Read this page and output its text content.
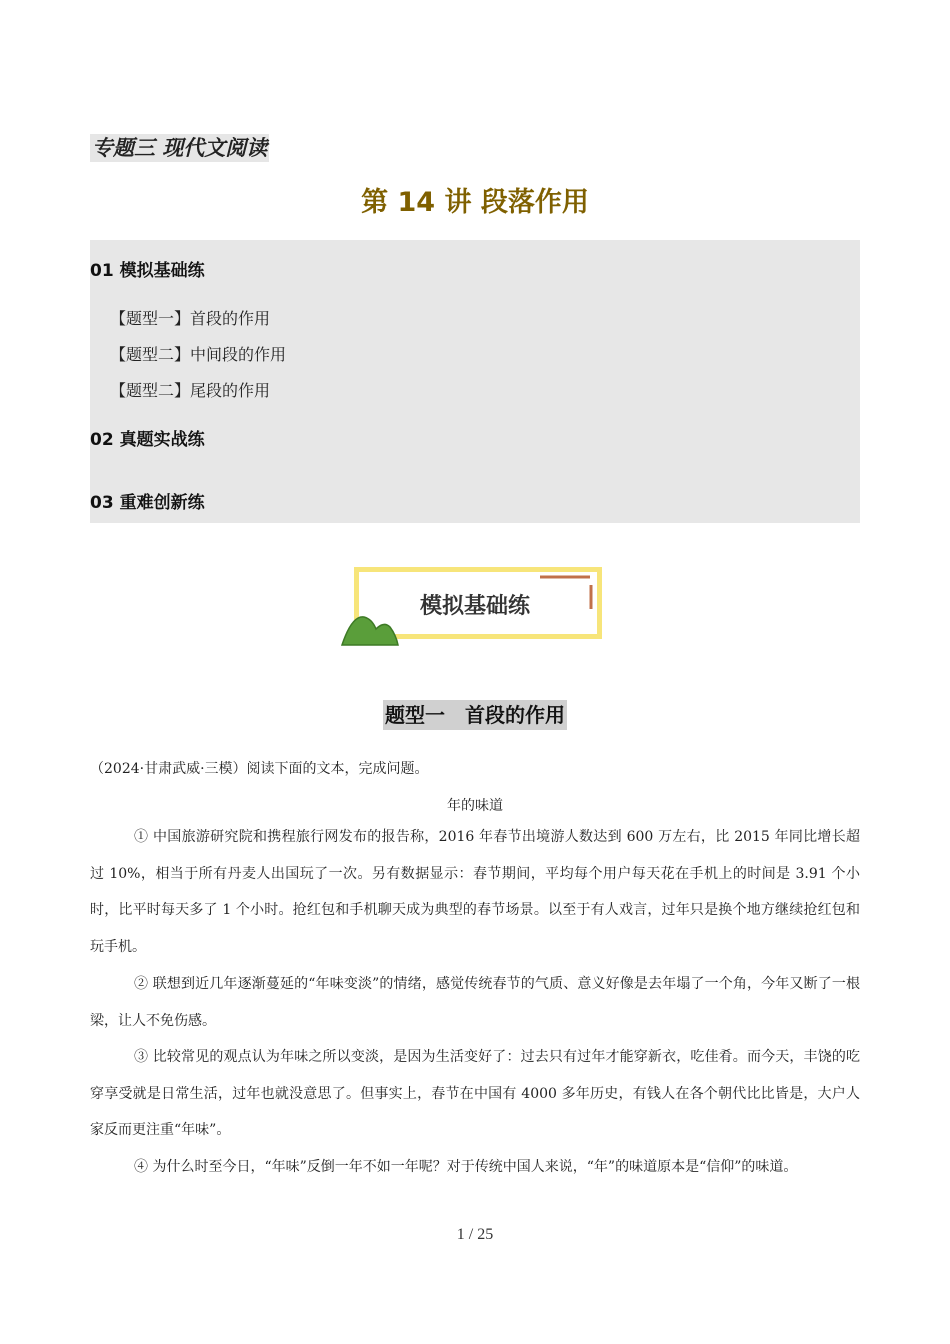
专题三 现代文阅读
第 14 讲 段落作用
01 模拟基础练
【题型一】首段的作用
【题型二】中间段的作用
【题型二】尾段的作用
02 真题实战练
03 重难创新练
模拟基础练
题型一　首段的作用
（2024·甘肃武威·三模）阅读下面的文本，完成问题。
年的味道

① 中国旅游研究院和携程旅行网发布的报告称，2016 年春节出境游人数达到 600 万左右，比 2015 年同比增长超过 10%，相当于所有丹麦人出国玩了一次。另有数据显示：春节期间，平均每个用户每天花在手机上的时间是 3.91 个小时，比平时每天多了 1 个小时。抢红包和手机聊天成为典型的春节场景。以至于有人戏言，过年只是换个地方继续抢红包和玩手机。

② 联想到近几年逐渐蔓延的“年味变淡”的情绪，感觉传统春节的气质、意义好像是去年塌了一个角，今年又断了一根梁，让人不免伤感。

③ 比较常见的观点认为年味之所以变淡，是因为生活变好了：过去只有过年才能穿新衣，吃佳肴。而今天，丰饶的吃穿享受就是日常生活，过年也就没意思了。但事实上，春节在中国有 4000 多年历史，有钱人在各个朝代比比皆是，大户人家反而更注重“年味”。

④ 为什么时至今日，“年味”反倒一年不如一年呢？对于传统中国人来说，“年”的味道原本是“信仰”的味道。

1 / 25
